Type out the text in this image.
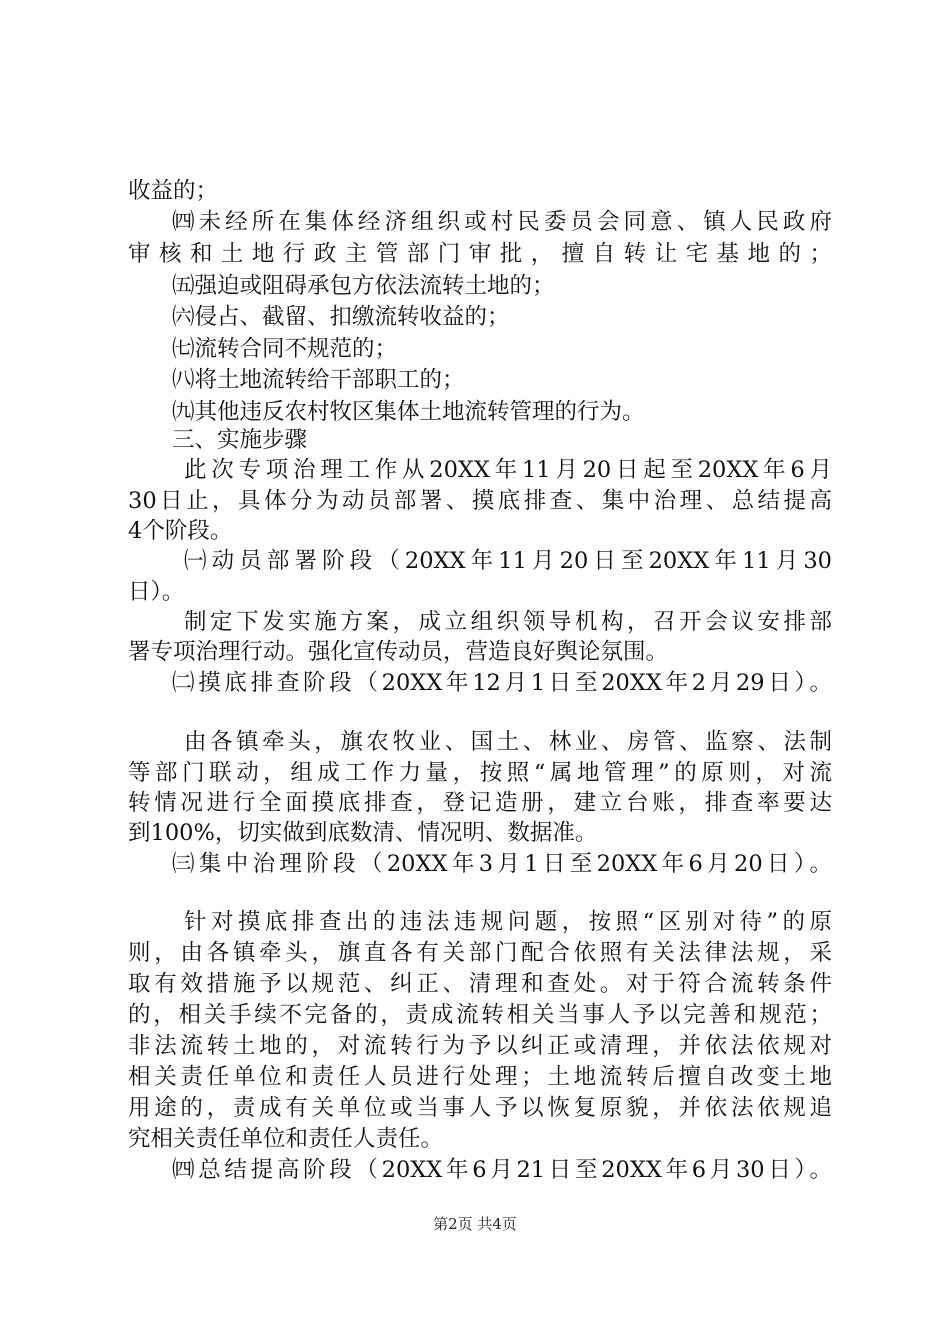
收益的；
㈣未经所在集体经济组织或村民委员会同意、镇人民政府
审核和土地行政主管部门审批，擅自转让宅基地的；
㈤强迫或阻碍承包方依法流转土地的；
㈥侵占、截留、扣缴流转收益的；
㈦流转合同不规范的；
㈧将土地流转给干部职工的；
㈨其他违反农村牧区集体土地流转管理的行为。
三、实施步骤
此次专项治理工作从20XX年11月20日起至20XX年6月
30日止，具体分为动员部署、摸底排查、集中治理、总结提高
4个阶段。
㈠动员部署阶段（20XX年11月20日至20XX年11月30
日）。
制定下发实施方案，成立组织领导机构，召开会议安排部
署专项治理行动。强化宣传动员，营造良好舆论氛围。
㈡摸底排查阶段（20XX年12月1日至20XX年2月29日）。
由各镇牵头，旗农牧业、国土、林业、房管、监察、法制
等部门联动，组成工作力量，按照“属地管理”的原则，对流
转情况进行全面摸底排查，登记造册，建立台账，排查率要达
到100%，切实做到底数清、情况明、数据准。
㈢集中治理阶段（20XX年3月1日至20XX年6月20日）。
针对摸底排查出的违法违规问题，按照“区别对待”的原
则，由各镇牵头，旗直各有关部门配合依照有关法律法规，采
取有效措施予以规范、纠正、清理和查处。对于符合流转条件
的，相关手续不完备的，责成流转相关当事人予以完善和规范；
非法流转土地的，对流转行为予以纠正或清理，并依法依规对
相关责任单位和责任人员进行处理；土地流转后擅自改变土地
用途的，责成有关单位或当事人予以恢复原貌，并依法依规追
究相关责任单位和责任人责任。
㈣总结提高阶段（20XX年6月21日至20XX年6月30日）。
第2页 共4页
